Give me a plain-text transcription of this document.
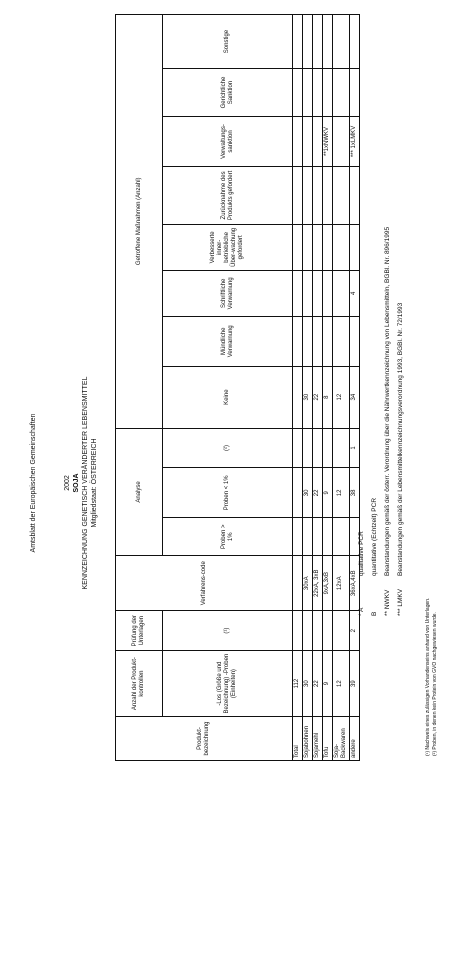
Amtsblatt der Europäischen Gemeinschaften	2002 SOJA KENNZEICHNUNG GENETISCH VERÄNDERTER LEBENSMITTEL Mitgliedstaat: ÖSTERREICH
Produkt-bezeichnung	Anzahl der Produkt-kontrollen	Prüfung der Unterlagen	Verfahrens-code	Analyse			Getroffene Maßnahmen (Anzahl)							
	-Los (Größe und Bezeichnung) -Proben (Einheiten)	(¹)		Proben > 1%	Proben < 1%	(²)	Keine	Mündliche Verwarnung	Schriftliche Verwarnung	Verbesserte inner-betriebliche Über-wachung gefordert	Zurücknahme des Produkts gefordert	Verwaltungs-sanktion	Gerichtliche Sanktion	Sonstige
Total	112													
Sojabohnen	30		30xA		30		30							
Sojamehl	22		22xA, 3xB		22		22							
Tofu	9		9xA,3xB		9		8					**1xNWKV		
Soja-Backwaren	12		12xA		12		12							
andere	39	2	36xA,4xB		38	1	34		4			*** 1xLMKV		
(¹) Nachweis eines zulässigen Vorhandenseins anhand von Unterlagen. (²) Proben, in denen kein Protein von GVO nachgewiesen wurde.
* Aqualitative PCR
Bquantitative (Echtzeit) PCR
** NWKVBeanstandungen gemäß der österr. Verordnung über die Nährwertkennzeichnung von Lebensmitteln, BGBl. Nr. 896/1995
*** LMKVBeanstandungen gemäß der Lebensmittelkennzeichnungsverordnung 1993, BGBl. Nr. 72/1993
